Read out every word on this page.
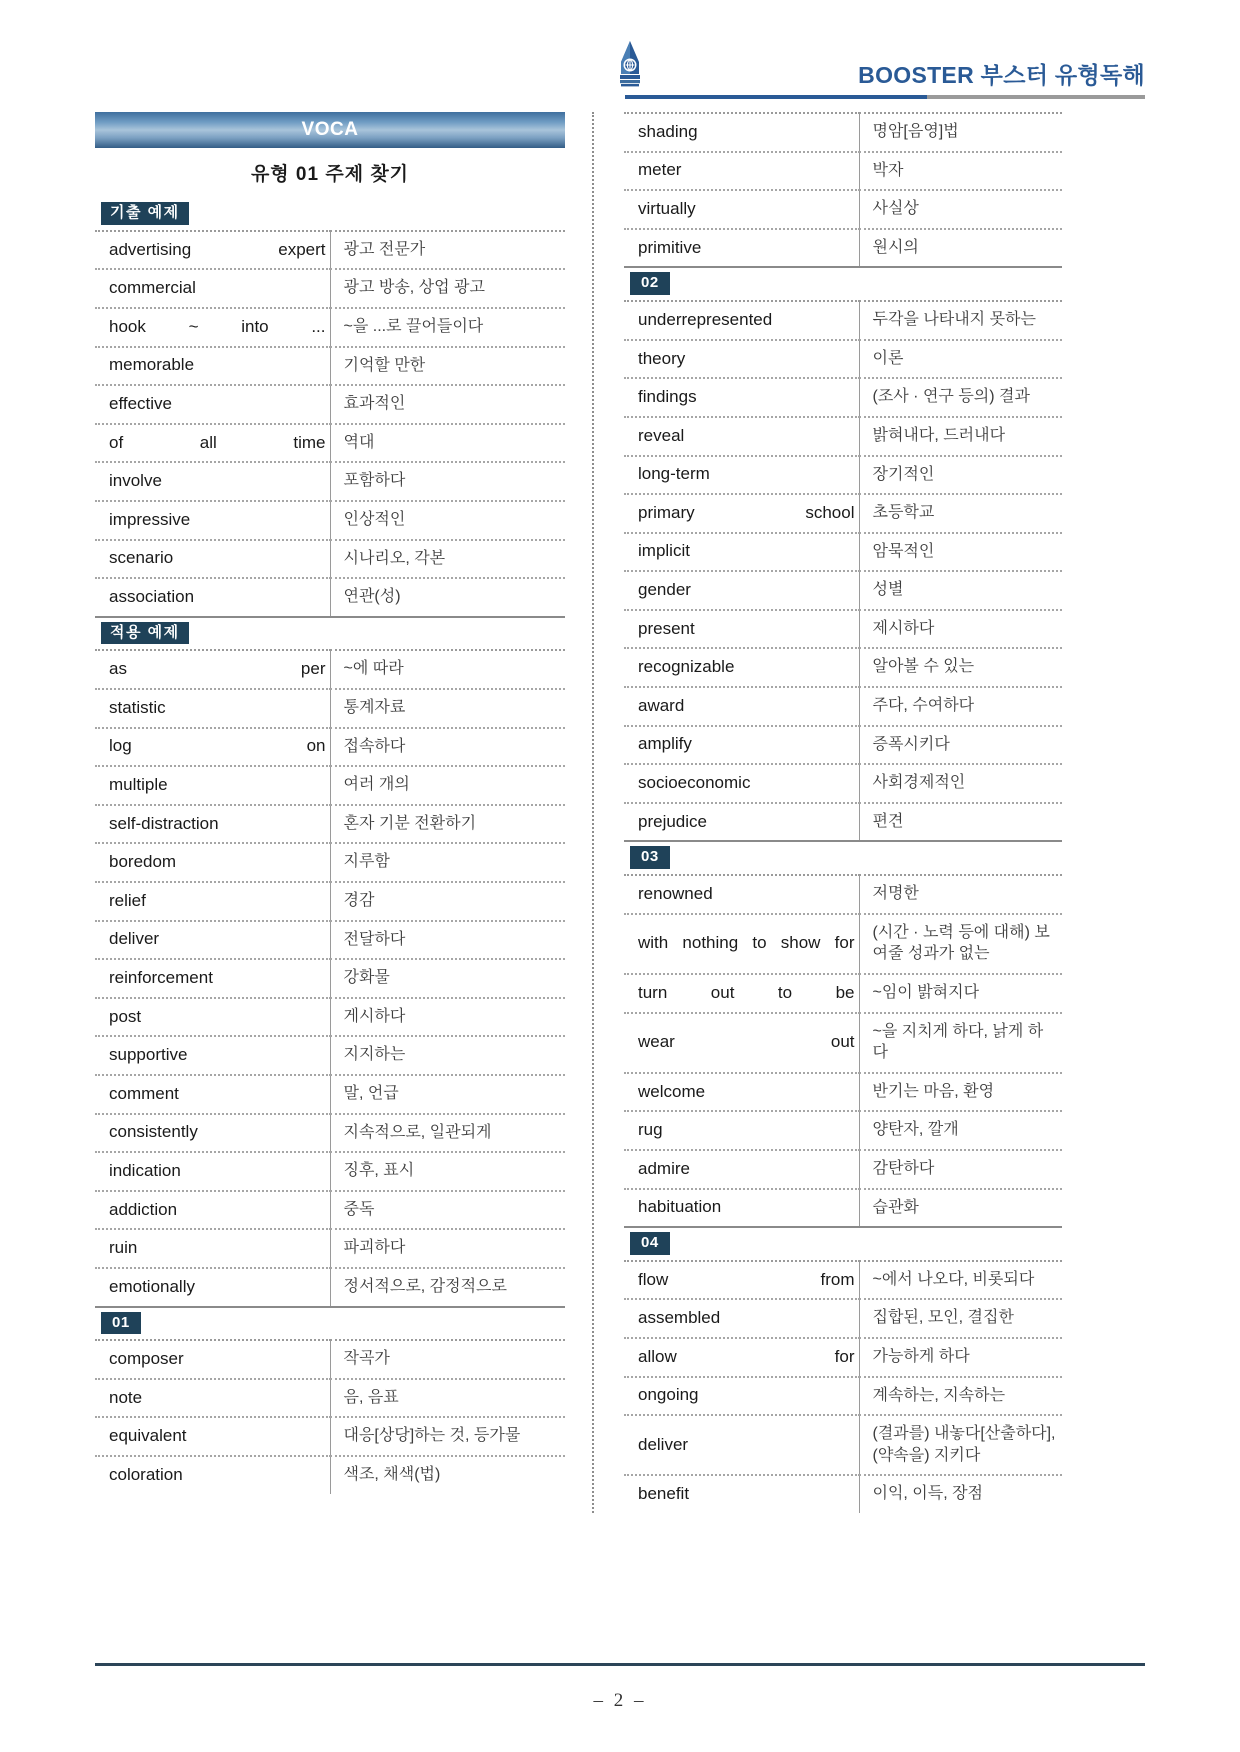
BOOSTER 부스터 유형독해
VOCA
유형 01 주제 찾기
기출 예제
advertising expert	광고 전문가
commercial	광고 방송, 상업 광고
hook ~ into ...	~을 ...로 끌어들이다
memorable	기억할 만한
effective	효과적인
of all time	역대
involve	포함하다
impressive	인상적인
scenario	시나리오, 각본
association	연관(성)
적용 예제
as per	~에 따라
statistic	통계자료
log on	접속하다
multiple	여러 개의
self-distraction	혼자 기분 전환하기
boredom	지루함
relief	경감
deliver	전달하다
reinforcement	강화물
post	게시하다
supportive	지지하는
comment	말, 언급
consistently	지속적으로, 일관되게
indication	징후, 표시
addiction	중독
ruin	파괴하다
emotionally	정서적으로, 감정적으로
01
composer	작곡가
note	음, 음표
equivalent	대응[상당]하는 것, 등가물
coloration	색조, 채색(법)
shading	명암[음영]법
meter	박자
virtually	사실상
primitive	원시의
02
underrepresented	두각을 나타내지 못하는
theory	이론
findings	(조사 · 연구 등의) 결과
reveal	밝혀내다, 드러내다
long-term	장기적인
primary school	초등학교
implicit	암묵적인
gender	성별
present	제시하다
recognizable	알아볼 수 있는
award	주다, 수여하다
amplify	증폭시키다
socioeconomic	사회경제적인
prejudice	편견
03
renowned	저명한
with nothing to show for	(시간 · 노력 등에 대해) 보여줄 성과가 없는
turn out to be	~임이 밝혀지다
wear out	~을 지치게 하다, 낡게 하다
welcome	반기는 마음, 환영
rug	양탄자, 깔개
admire	감탄하다
habituation	습관화
04
flow from	~에서 나오다, 비롯되다
assembled	집합된, 모인, 결집한
allow for	가능하게 하다
ongoing	계속하는, 지속하는
deliver	(결과를) 내놓다[산출하다], (약속을) 지키다
benefit	이익, 이득, 장점
– 2 –
